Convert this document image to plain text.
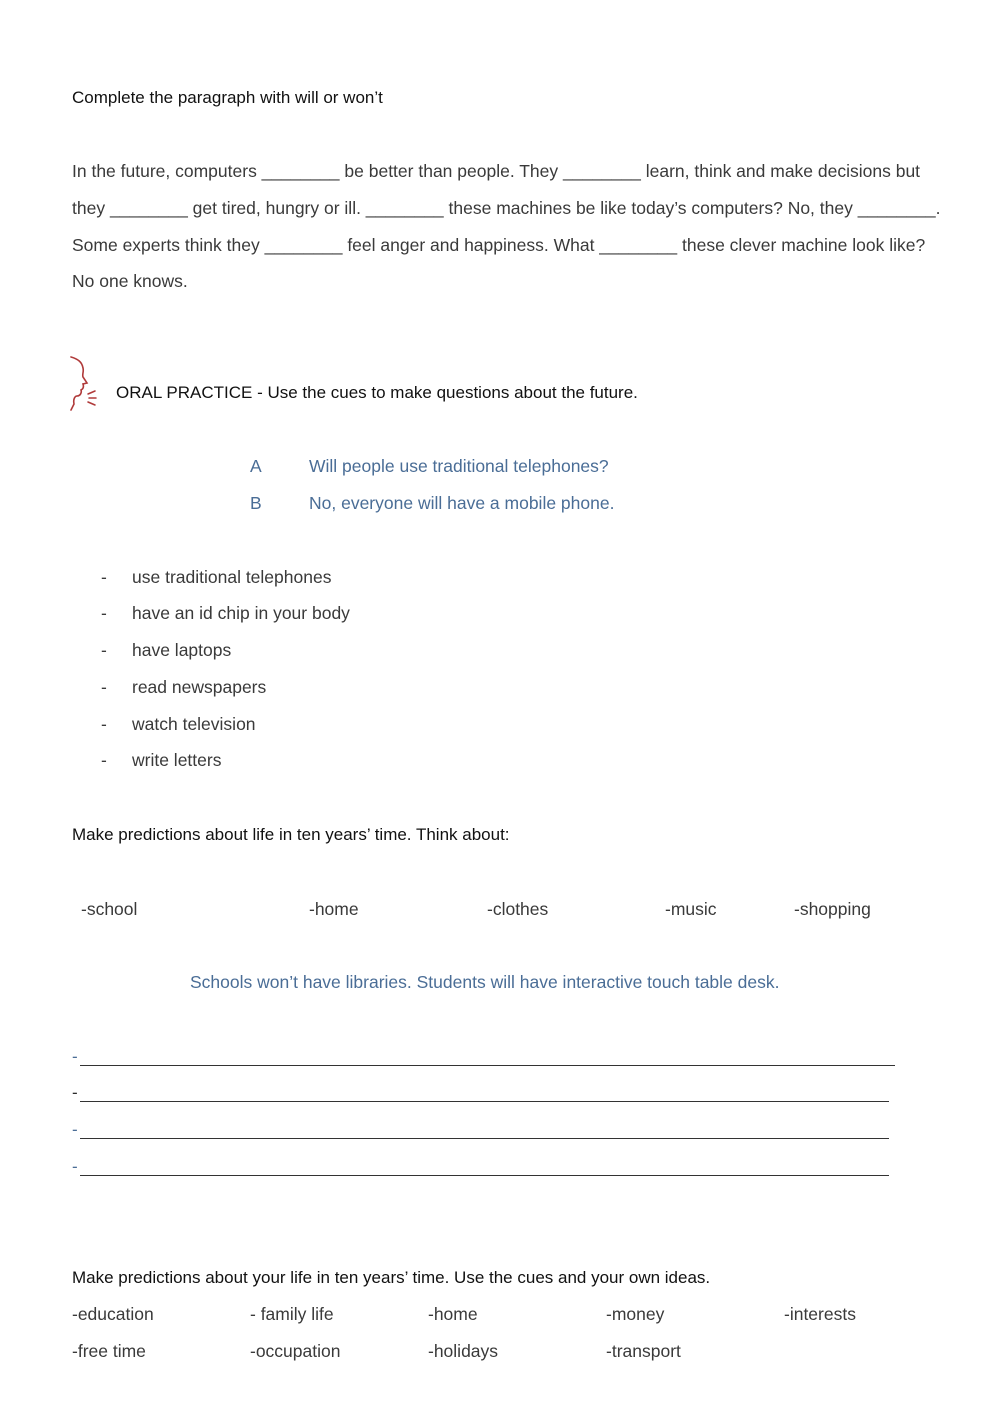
Complete the paragraph with will or won’t
In the future, computers ________ be better than people. They ________ learn, think and make decisions but
they ________ get tired, hungry or ill. ________ these machines be like today’s computers? No, they ________.
Some experts think they ________ feel anger and happiness. What ________ these clever machine look like?
No one knows.
ORAL PRACTICE - Use the cues to make questions about the future.
A	Will people use traditional telephones?
B	No, everyone will have a mobile phone.
- use traditional telephones
- have an id chip in your body
- have laptops
- read newspapers
- watch television
- write letters
Make predictions about life in ten years’ time. Think about:
-school	-home	-clothes	-music	-shopping
Schools won’t have libraries. Students will have interactive touch table desk.
-
-
-
-
Make predictions about your life in ten years’ time. Use the cues and your own ideas.
-education	- family life	-home	-money	-interests
-free time	-occupation	-holidays	-transport
